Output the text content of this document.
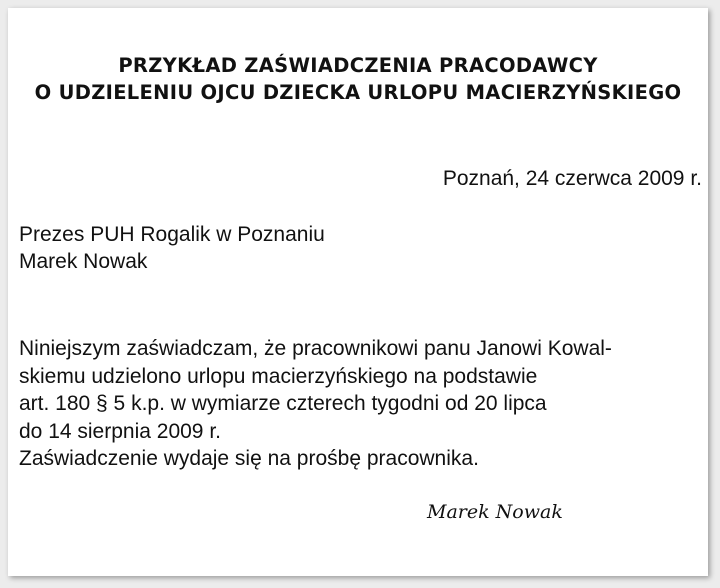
PRZYKŁAD ZAŚWIADCZENIA PRACODAWCY
O UDZIELENIU OJCU DZIECKA URLOPU MACIERZYŃSKIEGO
Poznań, 24 czerwca 2009 r.
Prezes PUH Rogalik w Poznaniu
Marek Nowak
Niniejszym zaświadczam, że pracownikowi panu Janowi Kowal-
skiemu udzielono urlopu macierzyńskiego na podstawie
art. 180 § 5 k.p. w wymiarze czterech tygodni od 20 lipca
do 14 sierpnia 2009 r.
Zaświadczenie wydaje się na prośbę pracownika.
Marek Nowak
